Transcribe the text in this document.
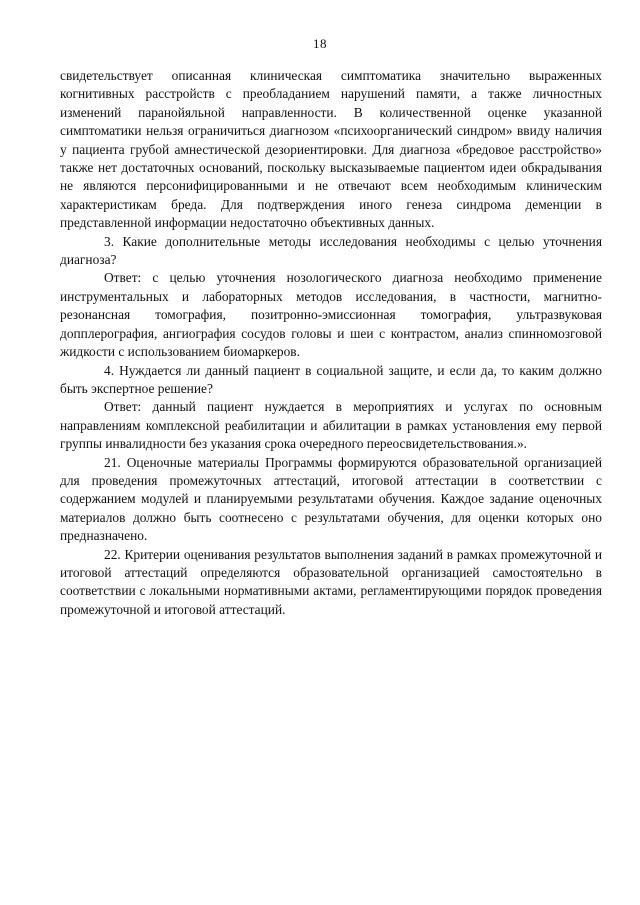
18

свидетельствует описанная клиническая симптоматика значительно выраженных когнитивных расстройств с преобладанием нарушений памяти, а также личностных изменений паранойяльной направленности. В количественной оценке указанной симптоматики нельзя ограничиться диагнозом «психоорганический синдром» ввиду наличия у пациента грубой амнестической дезориентировки. Для диагноза «бредовое расстройство» также нет достаточных оснований, поскольку высказываемые пациентом идеи обкрадывания не являются персонифицированными и не отвечают всем необходимым клиническим характеристикам бреда. Для подтверждения иного генеза синдрома деменции в представленной информации недостаточно объективных данных.

3. Какие дополнительные методы исследования необходимы с целью уточнения диагноза?

Ответ: с целью уточнения нозологического диагноза необходимо применение инструментальных и лабораторных методов исследования, в частности, магнитно-резонансная томография, позитронно-эмиссионная томография, ультразвуковая допплерография, ангиография сосудов головы и шеи с контрастом, анализ спинномозговой жидкости с использованием биомаркеров.

4. Нуждается ли данный пациент в социальной защите, и если да, то каким должно быть экспертное решение?

Ответ: данный пациент нуждается в мероприятиях и услугах по основным направлениям комплексной реабилитации и абилитации в рамках установления ему первой группы инвалидности без указания срока очередного переосвидетельствования.».

21. Оценочные материалы Программы формируются образовательной организацией для проведения промежуточных аттестаций, итоговой аттестации в соответствии с содержанием модулей и планируемыми результатами обучения. Каждое задание оценочных материалов должно быть соотнесено с результатами обучения, для оценки которых оно предназначено.

22. Критерии оценивания результатов выполнения заданий в рамках промежуточной и итоговой аттестаций определяются образовательной организацией самостоятельно в соответствии с локальными нормативными актами, регламентирующими порядок проведения промежуточной и итоговой аттестаций.
